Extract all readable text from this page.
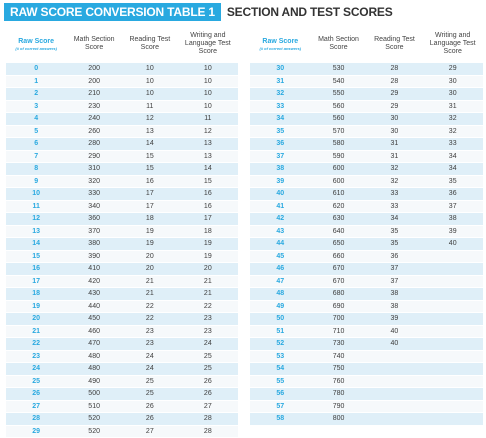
RAW SCORE CONVERSION TABLE 1	SECTION AND TEST SCORES
Raw Score
(# of correct answers)	Math Section Score	Reading Test Score	Writing and Language Test Score
0	200	10	10
1	200	10	10
2	210	10	10
3	230	11	10
4	240	12	11
5	260	13	12
6	280	14	13
7	290	15	13
8	310	15	14
9	320	16	15
10	330	17	16
11	340	17	16
12	360	18	17
13	370	19	18
14	380	19	19
15	390	20	19
16	410	20	20
17	420	21	21
18	430	21	21
19	440	22	22
20	450	22	23
21	460	23	23
22	470	23	24
23	480	24	25
24	480	24	25
25	490	25	26
26	500	25	26
27	510	26	27
28	520	26	28
29	520	27	28
Raw Score
(# of correct answers)	Math Section Score	Reading Test Score	Writing and Language Test Score
30	530	28	29
31	540	28	30
32	550	29	30
33	560	29	31
34	560	30	32
35	570	30	32
36	580	31	33
37	590	31	34
38	600	32	34
39	600	32	35
40	610	33	36
41	620	33	37
42	630	34	38
43	640	35	39
44	650	35	40
45	660	36	
46	670	37	
47	670	37	
48	680	38	
49	690	38	
50	700	39	
51	710	40	
52	730	40	
53	740		
54	750		
55	760		
56	780		
57	790		
58	800		
